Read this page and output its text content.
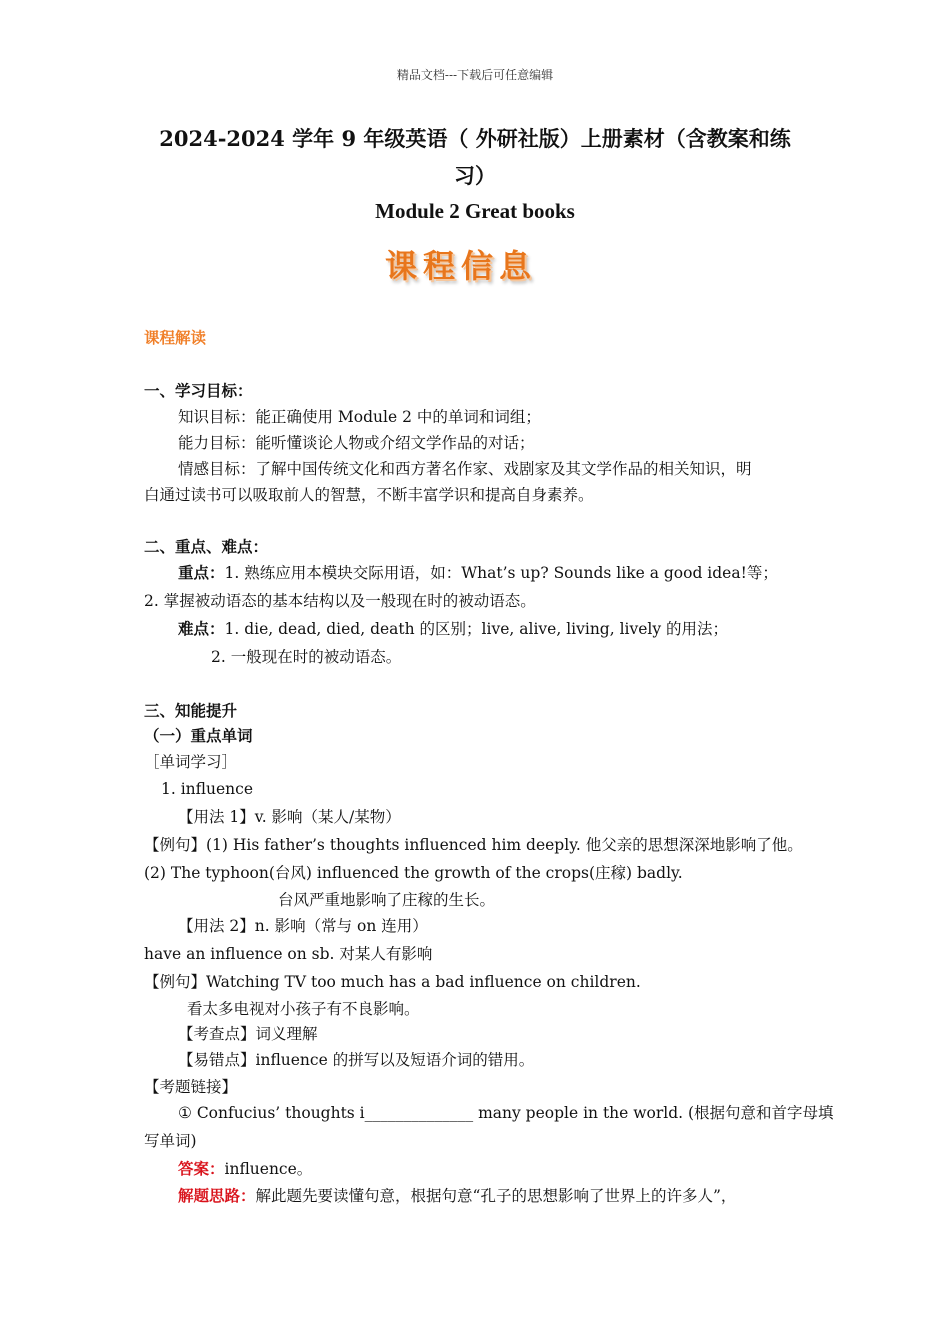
精品文档---下载后可任意编辑
2024-2024 学年 9 年级英语（ 外研社版）上册素材（含教案和练
习）
Module 2 Great books
课程信息
课程解读
一、学习目标：
知识目标：能正确使用 Module 2 中的单词和词组；
能力目标：能听懂谈论人物或介绍文学作品的对话；
情感目标：了解中国传统文化和西方著名作家、戏剧家及其文学作品的相关知识，明
白通过读书可以吸取前人的智慧，不断丰富学识和提高自身素养。
二、重点、难点：
重点：1. 熟练应用本模块交际用语，如：What’s up? Sounds like a good idea!等；
2. 掌握被动语态的基本结构以及一般现在时的被动语态。
难点：1. die, dead, died, death 的区别；live, alive, living, lively 的用法；
2. 一般现在时的被动语态。
三、知能提升
（一）重点单词
［单词学习］
1. influence
【用法 1】v. 影响（某人/某物）
【例句】(1) His father’s thoughts influenced him deeply. 他父亲的思想深深地影响了他。
(2) The typhoon(台风) influenced the growth of the crops(庄稼) badly.
台风严重地影响了庄稼的生长。
【用法 2】n. 影响（常与 on 连用）
have an influence on sb. 对某人有影响
【例句】Watching TV too much has a bad influence on children.
看太多电视对小孩子有不良影响。
【考查点】词义理解
【易错点】influence 的拼写以及短语介词的错用。
【考题链接】
① Confucius’ thoughts i______________ many people in the world. (根据句意和首字母填
写单词)
答案：influence。
解题思路：解此题先要读懂句意，根据句意“孔子的思想影响了世界上的许多人”，
